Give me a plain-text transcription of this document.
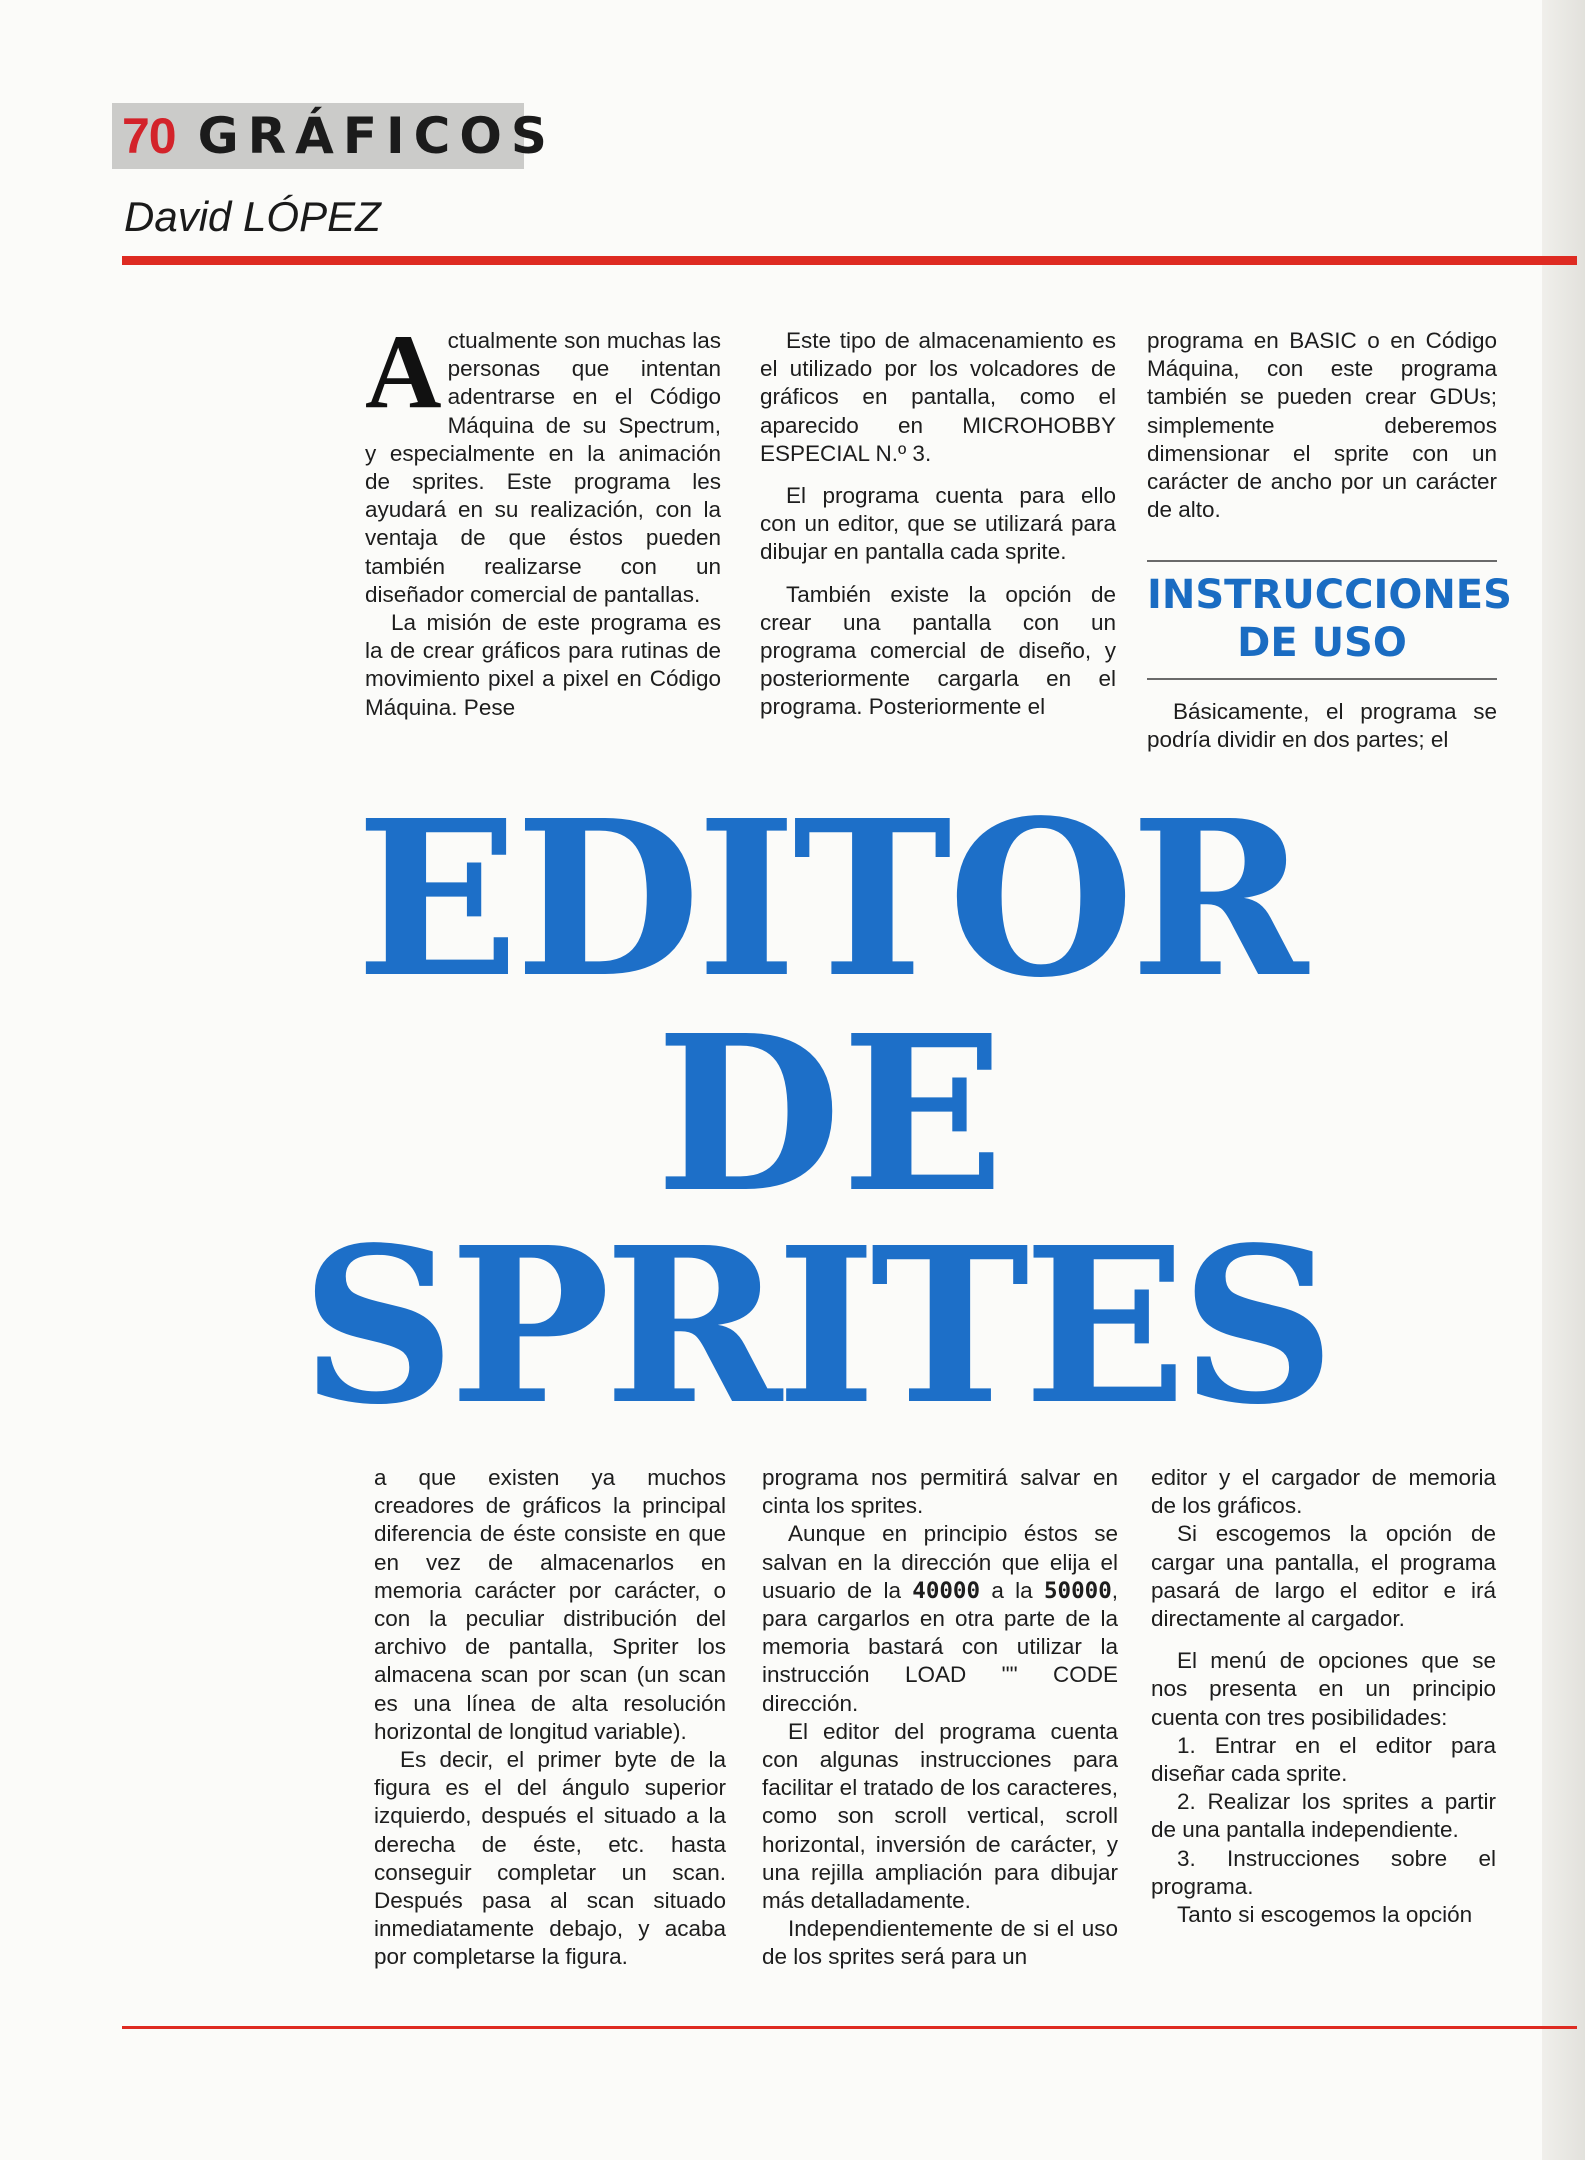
70 GRÁFICOS
David LÓPEZ

Actualmente son muchas las personas que intentan adentrarse en el Código Máquina de su Spectrum, y especialmente en la animación de sprites. Este programa les ayudará en su realización, con la ventaja de que éstos pueden también realizarse con un diseñador comercial de pantallas.

La misión de este programa es la de crear gráficos para rutinas de movimiento pixel a pixel en Código Máquina. Pese

Este tipo de almacenamiento es el utilizado por los volcadores de gráficos en pantalla, como el aparecido en MICROHOBBY ESPECIAL N.º 3.

El programa cuenta para ello con un editor, que se utilizará para dibujar en pantalla cada sprite.

También existe la opción de crear una pantalla con un programa comercial de diseño, y posteriormente cargarla en el programa. Posteriormente el

programa en BASIC o en Código Máquina, con este programa también se pueden crear GDUs; simplemente deberemos dimensionar el sprite con un carácter de ancho por un carácter de alto.

INSTRUCCIONES
DE USO

Básicamente, el programa se podría dividir en dos partes; el

EDITOR
DE
SPRITES

a que existen ya muchos creadores de gráficos la principal diferencia de éste consiste en que en vez de almacenarlos en memoria carácter por carácter, o con la peculiar distribución del archivo de pantalla, Spriter los almacena scan por scan (un scan es una línea de alta resolución horizontal de longitud variable).

Es decir, el primer byte de la figura es el del ángulo superior izquierdo, después el situado a la derecha de éste, etc. hasta conseguir completar un scan. Después pasa al scan situado inmediatamente debajo, y acaba por completarse la figura.

programa nos permitirá salvar en cinta los sprites.

Aunque en principio éstos se salvan en la dirección que elija el usuario de la 40000 a la 50000, para cargarlos en otra parte de la memoria bastará con utilizar la instrucción LOAD "" CODE dirección.

El editor del programa cuenta con algunas instrucciones para facilitar el tratado de los caracteres, como son scroll vertical, scroll horizontal, inversión de carácter, y una rejilla ampliación para dibujar más detalladamente.

Independientemente de si el uso de los sprites será para un

editor y el cargador de memoria de los gráficos.

Si escogemos la opción de cargar una pantalla, el programa pasará de largo el editor e irá directamente al cargador.

El menú de opciones que se nos presenta en un principio cuenta con tres posibilidades:

1. Entrar en el editor para diseñar cada sprite.

2. Realizar los sprites a partir de una pantalla independiente.

3. Instrucciones sobre el programa.

Tanto si escogemos la opción
